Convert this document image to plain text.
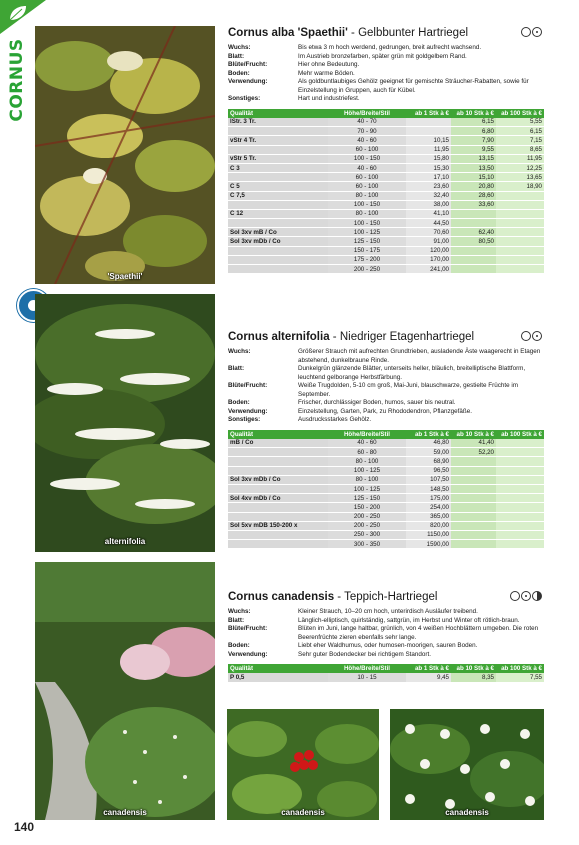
CORNUS
'Spaethii'
alternifolia
canadensis	canadensis	canadensis
Cornus alba 'Spaethii' - Gelbbunter Hartriegel
Wuchs:	Bis etwa 3 m hoch werdend, gedrungen, breit aufrecht wachsend.
Blatt:	Im Austrieb bronzefarben, später grün mit goldgelbem Rand.
Blüte/Frucht:	Hier ohne Bedeutung.
Boden:	Mehr warme Böden.
Verwendung:	Als goldbuntlaubiges Gehölz geeignet für gemischte Sträucher-Rabatten, sowie für Einzelstellung in Gruppen, auch für Kübel.
Sonstiges:	Hart und industriefest.
Qualität	Höhe/Breite/Stil	ab 1 Stk à €	ab 10 Stk à €	ab 100 Stk à €
lStr. 3 Tr.	40 - 70		6,15	5,55
	70 - 90		6,80	6,15
vStr 4 Tr.	40 - 60	10,15	7,90	7,15
	60 - 100	11,95	9,55	8,65
vStr 5 Tr.	100 - 150	15,80	13,15	11,95
C 3	40 - 60	15,30	13,50	12,25
	60 - 100	17,10	15,10	13,65
C 5	60 - 100	23,60	20,80	18,90
C 7,5	80 - 100	32,40	28,60	
	100 - 150	38,00	33,60	
C 12	80 - 100	41,10		
	100 - 150	44,50		
Sol 3xv mB / Co	100 - 125	70,60	62,40	
Sol 3xv mDb / Co	125 - 150	91,00	80,50	
	150 - 175	120,00		
	175 - 200	170,00		
	200 - 250	241,00		
Cornus alternifolia - Niedriger Etagenhartriegel
Wuchs:	Größerer Strauch mit aufrechten Grundtrieben, ausladende Äste waagerecht in Etagen abstehend, dunkelbraune Rinde.
Blatt:	Dunkelgrün glänzende Blätter, unterseits heller, bläulich, breitelliptische Blattform, leuchtend gelborange Herbstfärbung.
Blüte/Frucht:	Weiße Trugdolden, 5-10 cm groß, Mai-Juni, blauschwarze, gestielte Früchte im September.
Boden:	Frischer, durchlässiger Boden, humos, sauer bis neutral.
Verwendung:	Einzelstellung, Garten, Park, zu Rhododendron, Pflanzgefäße.
Sonstiges:	Ausdrucksstarkes Gehölz.
Qualität	Höhe/Breite/Stil	ab 1 Stk à €	ab 10 Stk à €	ab 100 Stk à €
mB / Co	40 - 60	46,80	41,40	
	60 - 80	59,00	52,20	
	80 - 100	68,90		
	100 - 125	96,50		
Sol 3xv mDb / Co	80 - 100	107,50		
	100 - 125	148,50		
Sol 4xv mDb / Co	125 - 150	175,00		
	150 - 200	254,00		
	200 - 250	365,00		
Sol 5xv mDB 150-200 x	200 - 250	820,00		
	250 - 300	1150,00		
	300 - 350	1590,00		
Cornus canadensis - Teppich-Hartriegel
Wuchs:	Kleiner Strauch, 10–20 cm hoch, unterirdisch Ausläufer treibend.
Blatt:	Länglich-elliptisch, quirlständig, sattgrün, im Herbst und Winter oft rötlich-braun.
Blüte/Frucht:	Blüten im Juni, lange haltbar, grünlich, von 4 weißen Hochblättern umgeben. Die roten Beerenfrüchte zieren ebenfalls sehr lange.
Boden:	Liebt eher Waldhumus, oder humosen-moorigen, sauren Boden.
Verwendung:	Sehr guter Bodendecker bei richtigem Standort.
Qualität	Höhe/Breite/Stil	ab 1 Stk à €	ab 10 Stk à €	ab 100 Stk à €
P 0,5	10 - 15	9,45	8,35	7,55
140
